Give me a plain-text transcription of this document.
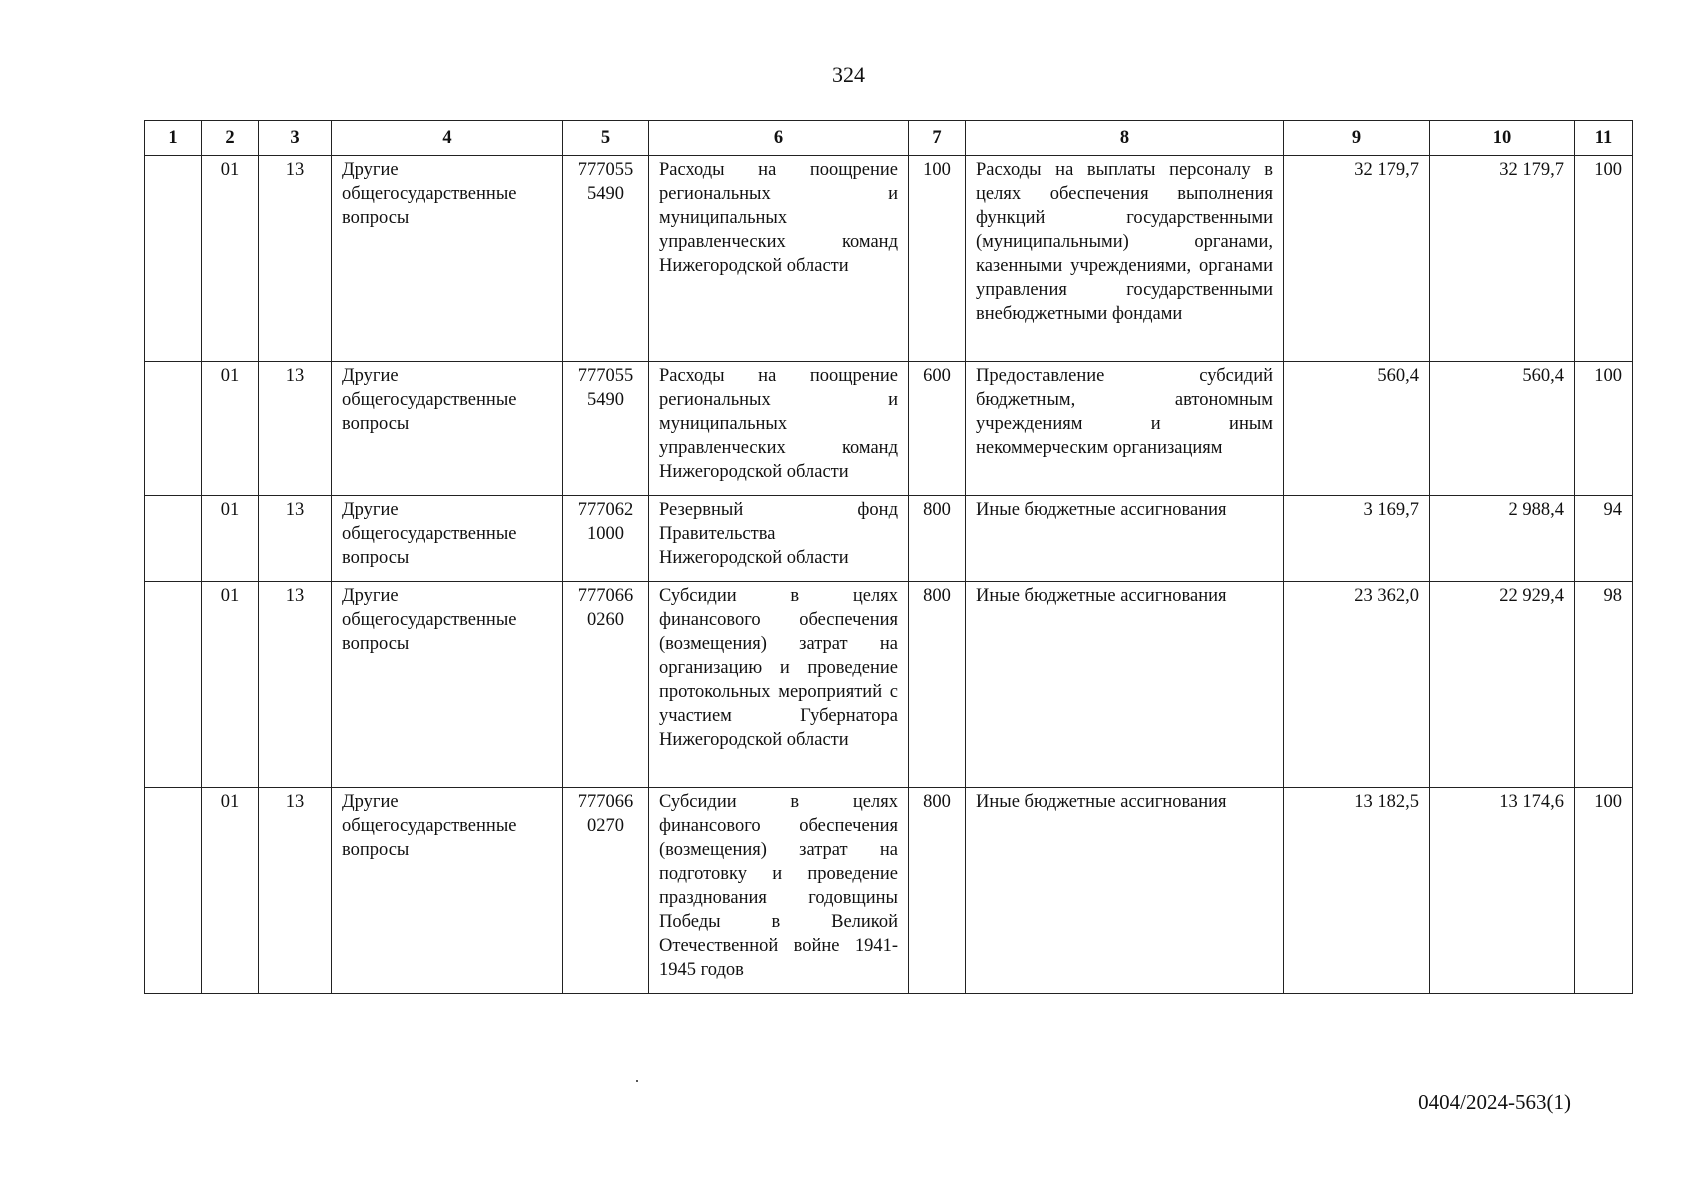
324
1	2	3	4	5	6	7	8	9	10	11
	01	13	Другие общегосударственные вопросы	777055 5490	Расходы на поощрение региональных и муниципальных управленческих команд Нижегородской области	100	Расходы на выплаты персоналу в целях обеспечения выполнения функций государственными (муниципальными) органами, казенными учреждениями, органами управления государственными внебюджетными фондами	32 179,7	32 179,7	100
	01	13	Другие общегосударственные вопросы	777055 5490	Расходы на поощрение региональных и муниципальных управленческих команд Нижегородской области	600	Предоставление субсидий бюджетным, автономным учреждениям и иным некоммерческим организациям	560,4	560,4	100
	01	13	Другие общегосударственные вопросы	777062 1000	Резервный фонд Правительства Нижегородской области	800	Иные бюджетные ассигнования	3 169,7	2 988,4	94
	01	13	Другие общегосударственные вопросы	777066 0260	Субсидии в целях финансового обеспечения (возмещения) затрат на организацию и проведение протокольных мероприятий с участием Губернатора Нижегородской области	800	Иные бюджетные ассигнования	23 362,0	22 929,4	98
	01	13	Другие общегосударственные вопросы	777066 0270	Субсидии в целях финансового обеспечения (возмещения) затрат на подготовку и проведение празднования годовщины Победы в Великой Отечественной войне 1941-1945 годов	800	Иные бюджетные ассигнования	13 182,5	13 174,6	100
0404/2024-563(1)
